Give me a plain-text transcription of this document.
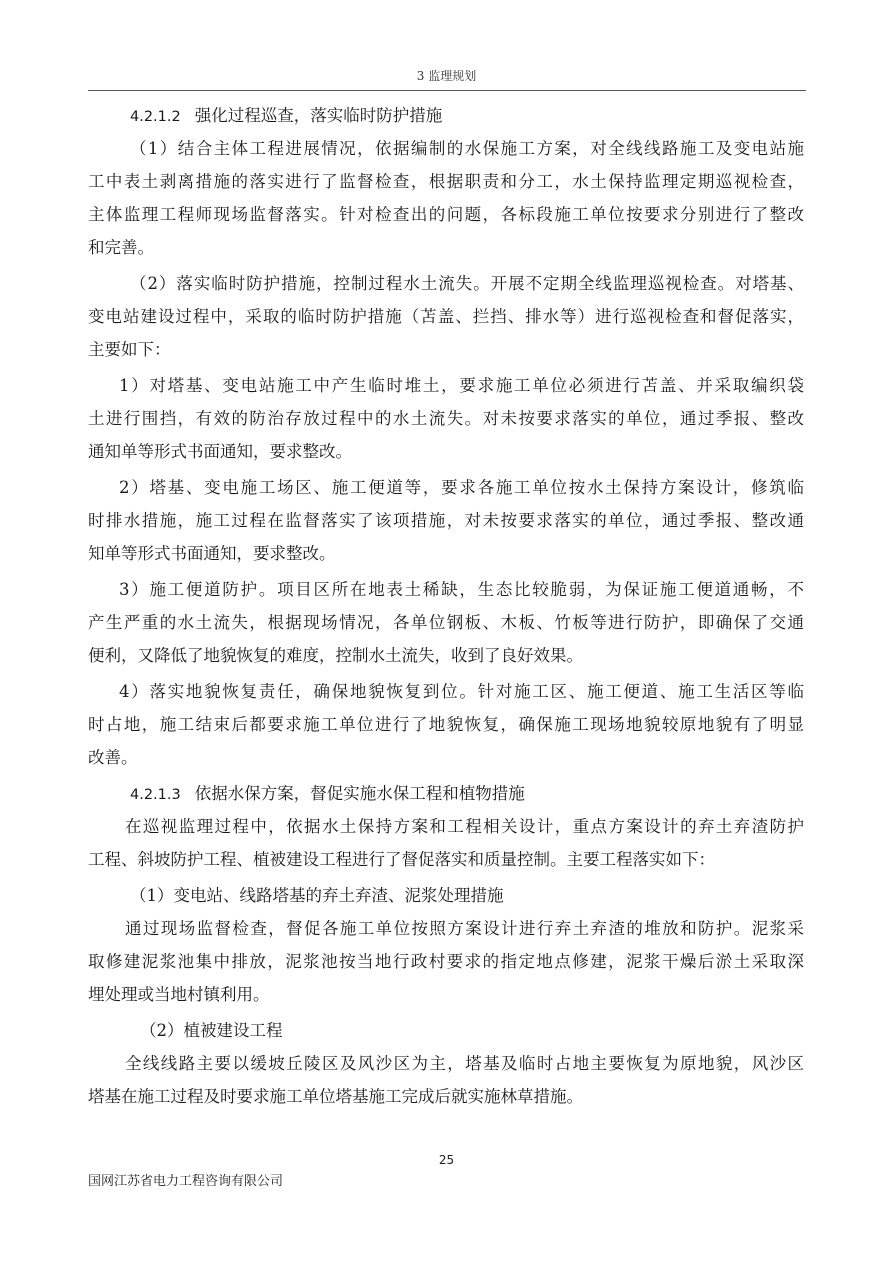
3 监理规划
4.2.1.2 强化过程巡查，落实临时防护措施
（1）结合主体工程进展情况，依据编制的水保施工方案，对全线线路施工及变电站施
工中表土剥离措施的落实进行了监督检查，根据职责和分工，水土保持监理定期巡视检查，
主体监理工程师现场监督落实。针对检查出的问题，各标段施工单位按要求分别进行了整改
和完善。
（2）落实临时防护措施，控制过程水土流失。开展不定期全线监理巡视检查。对塔基、
变电站建设过程中，采取的临时防护措施（苫盖、拦挡、排水等）进行巡视检查和督促落实，
主要如下：
1）对塔基、变电站施工中产生临时堆土，要求施工单位必须进行苫盖、并采取编织袋
土进行围挡，有效的防治存放过程中的水土流失。对未按要求落实的单位，通过季报、整改
通知单等形式书面通知，要求整改。
2）塔基、变电施工场区、施工便道等，要求各施工单位按水土保持方案设计，修筑临
时排水措施，施工过程在监督落实了该项措施，对未按要求落实的单位，通过季报、整改通
知单等形式书面通知，要求整改。
3）施工便道防护。项目区所在地表土稀缺，生态比较脆弱，为保证施工便道通畅，不
产生严重的水土流失，根据现场情况，各单位钢板、木板、竹板等进行防护，即确保了交通
便利，又降低了地貌恢复的难度，控制水土流失，收到了良好效果。
4）落实地貌恢复责任，确保地貌恢复到位。针对施工区、施工便道、施工生活区等临
时占地，施工结束后都要求施工单位进行了地貌恢复，确保施工现场地貌较原地貌有了明显
改善。
4.2.1.3 依据水保方案，督促实施水保工程和植物措施
在巡视监理过程中，依据水土保持方案和工程相关设计，重点方案设计的弃土弃渣防护
工程、斜坡防护工程、植被建设工程进行了督促落实和质量控制。主要工程落实如下：
（1）变电站、线路塔基的弃土弃渣、泥浆处理措施
通过现场监督检查，督促各施工单位按照方案设计进行弃土弃渣的堆放和防护。泥浆采
取修建泥浆池集中排放，泥浆池按当地行政村要求的指定地点修建，泥浆干燥后淤土采取深
埋处理或当地村镇利用。
（2）植被建设工程
全线线路主要以缓坡丘陵区及风沙区为主，塔基及临时占地主要恢复为原地貌，风沙区
塔基在施工过程及时要求施工单位塔基施工完成后就实施林草措施。
25
国网江苏省电力工程咨询有限公司
